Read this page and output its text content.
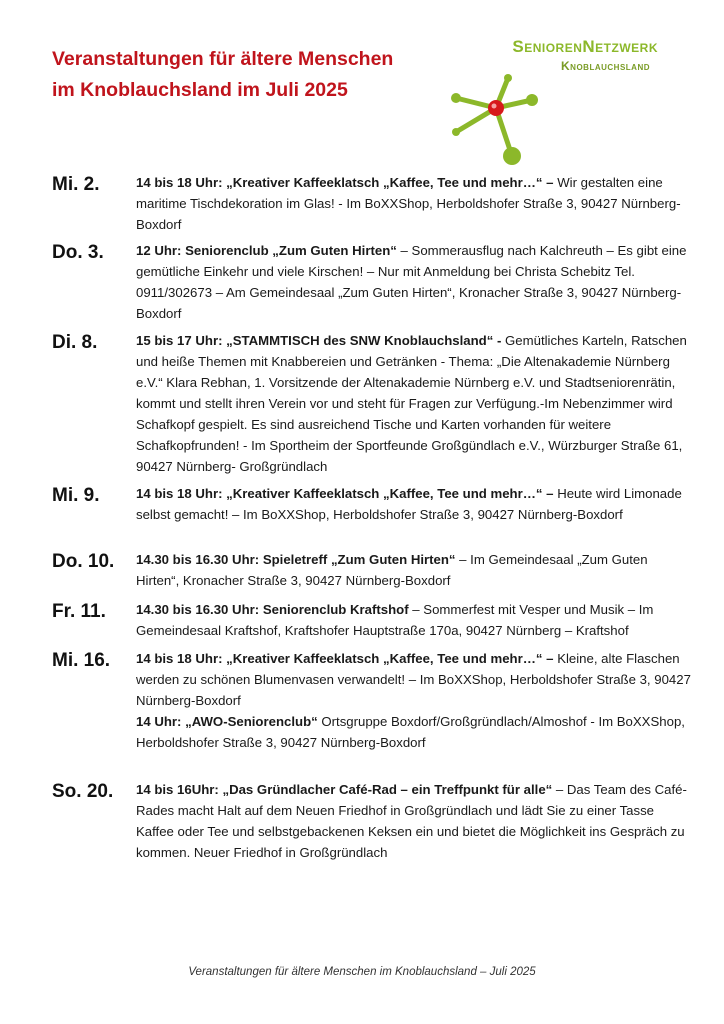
Veranstaltungen für ältere Menschen
im Knoblauchsland im Juli 2025
SeniorenNetzwerk
Knoblauchsland
Mi. 2.	14 bis 18 Uhr: „Kreativer Kaffeeklatsch „Kaffee, Tee und mehr…“ – Wir gestalten eine maritime Tischdekoration im Glas! - Im BoXXShop, Herboldshofer Straße 3, 90427 Nürnberg-Boxdorf

Do. 3.	12 Uhr: Seniorenclub „Zum Guten Hirten“ – Sommerausflug nach Kalchreuth – Es gibt eine gemütliche Einkehr und viele Kirschen! – Nur mit Anmeldung bei Christa Schebitz Tel. 0911/302673 – Am Gemeindesaal „Zum Guten Hirten“, Kronacher Straße 3, 90427 Nürnberg- Boxdorf

Di. 8.	15 bis 17 Uhr: „STAMMTISCH des SNW Knoblauchsland“ - Gemütliches Karteln, Ratschen und heiße Themen mit Knabbereien und Getränken - Thema: „Die Altenakademie Nürnberg e.V.“ Klara Rebhan, 1. Vorsitzende der Altenakademie Nürnberg e.V. und Stadtseniorenrätin, kommt und stellt ihren Verein vor und steht für Fragen zur Verfügung.-Im Nebenzimmer wird Schafkopf gespielt. Es sind ausreichend Tische und Karten vorhanden für weitere Schafkopfrunden! - Im Sportheim der Sportfeunde Großgündlach e.V., Würzburger Straße 61, 90427 Nürnberg- Großgründlach

Mi. 9.	14 bis 18 Uhr: „Kreativer Kaffeeklatsch „Kaffee, Tee und mehr…“ – Heute wird Limonade selbst gemacht! – Im BoXXShop, Herboldshofer Straße 3, 90427 Nürnberg-Boxdorf

Do. 10.	14.30 bis 16.30 Uhr: Spieletreff „Zum Guten Hirten“ – Im Gemeindesaal „Zum Guten Hirten“, Kronacher Straße 3, 90427 Nürnberg-Boxdorf

Fr. 11.	14.30 bis 16.30 Uhr: Seniorenclub Kraftshof – Sommerfest mit Vesper und Musik – Im Gemeindesaal Kraftshof, Kraftshofer Hauptstraße 170a, 90427 Nürnberg – Kraftshof

Mi. 16.	14 bis 18 Uhr: „Kreativer Kaffeeklatsch „Kaffee, Tee und mehr…“ – Kleine, alte Flaschen werden zu schönen Blumenvasen verwandelt! – Im BoXXShop, Herboldshofer Straße 3, 90427 Nürnberg-Boxdorf

14 Uhr: „AWO-Seniorenclub“ Ortsgruppe Boxdorf/Großgründlach/Almoshof - Im BoXXShop, Herboldshofer Straße 3, 90427 Nürnberg-Boxdorf

So. 20.	14 bis 16Uhr: „Das Gründlacher Café-Rad – ein Treffpunkt für alle“ – Das Team des Café-Rades macht Halt auf dem Neuen Friedhof in Großgründlach und lädt Sie zu einer Tasse Kaffee oder Tee und selbstgebackenen Keksen ein und bietet die Möglichkeit ins Gespräch zu kommen. Neuer Friedhof in Großgründlach

Veranstaltungen für ältere Menschen im Knoblauchsland – Juli 2025
